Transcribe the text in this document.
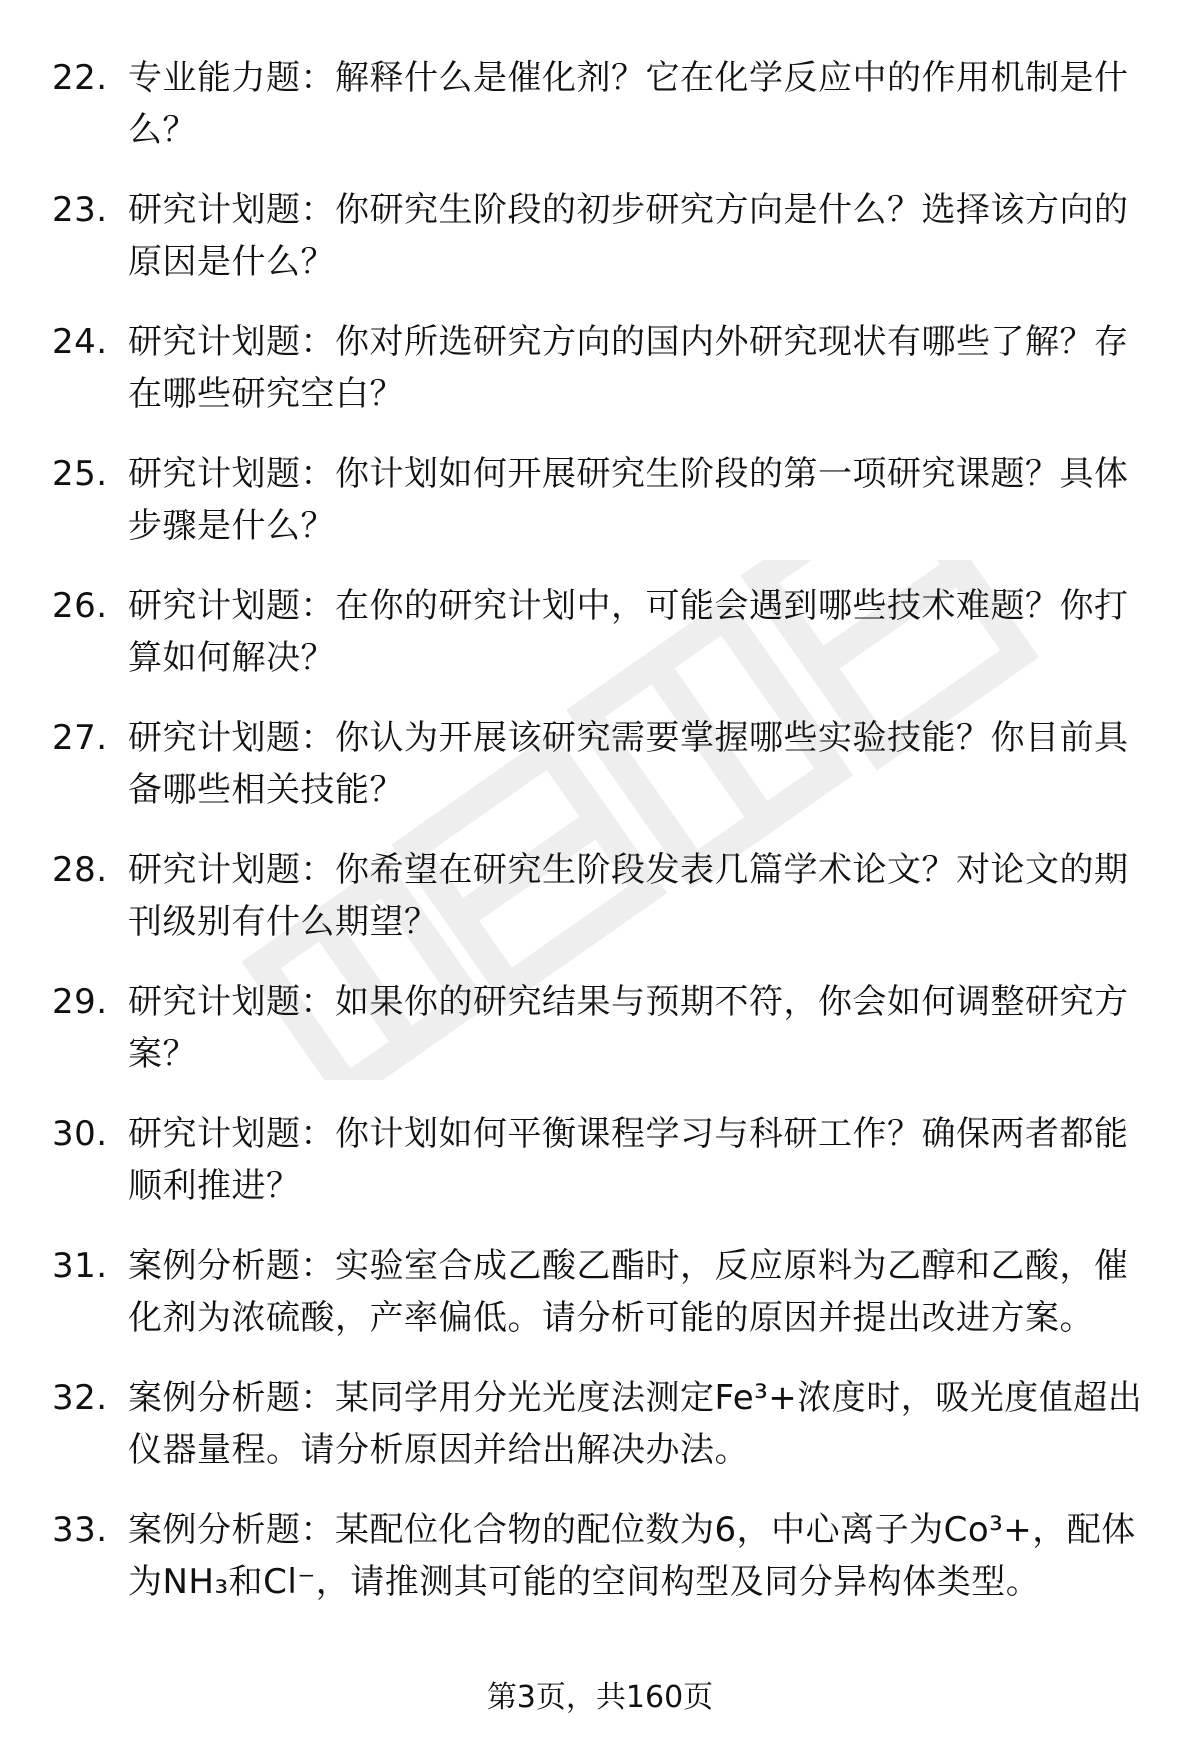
22. 专业能力题：解释什么是催化剂？它在化学反应中的作用机制是什么？
23. 研究计划题：你研究生阶段的初步研究方向是什么？选择该方向的原因是什么？
24. 研究计划题：你对所选研究方向的国内外研究现状有哪些了解？存在哪些研究空白？
25. 研究计划题：你计划如何开展研究生阶段的第一项研究课题？具体步骤是什么？
26. 研究计划题：在你的研究计划中，可能会遇到哪些技术难题？你打算如何解决？
27. 研究计划题：你认为开展该研究需要掌握哪些实验技能？你目前具备哪些相关技能？
28. 研究计划题：你希望在研究生阶段发表几篇学术论文？对论文的期刊级别有什么期望？
29. 研究计划题：如果你的研究结果与预期不符，你会如何调整研究方案？
30. 研究计划题：你计划如何平衡课程学习与科研工作？确保两者都能顺利推进？
31. 案例分析题：实验室合成乙酸乙酯时，反应原料为乙醇和乙酸，催化剂为浓硫酸，产率偏低。请分析可能的原因并提出改进方案。
32. 案例分析题：某同学用分光光度法测定Fe³+浓度时，吸光度值超出仪器量程。请分析原因并给出解决办法。
33. 案例分析题：某配位化合物的配位数为6，中心离子为Co³+，配体为NH₃和Cl⁻，请推测其可能的空间构型及同分异构体类型。
第3页，共160页
